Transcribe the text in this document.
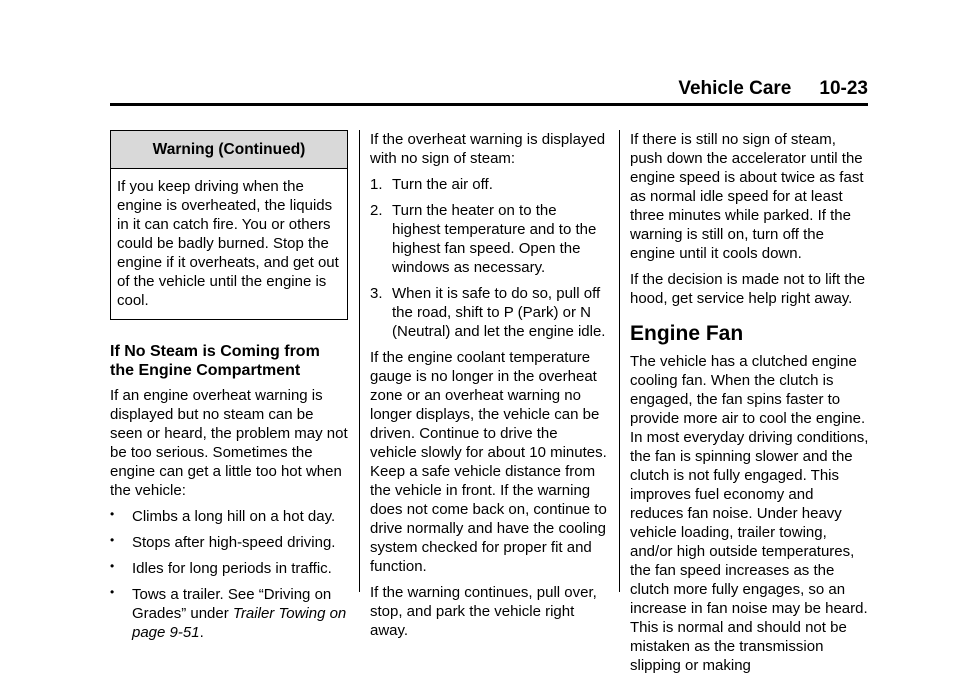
Vehicle Care 10-23
Warning (Continued)
If you keep driving when the engine is overheated, the liquids in it can catch fire. You or others could be badly burned. Stop the engine if it overheats, and get out of the vehicle until the engine is cool.
If No Steam is Coming from the Engine Compartment

If an engine overheat warning is displayed but no steam can be seen or heard, the problem may not be too serious. Sometimes the engine can get a little too hot when the vehicle:

• Climbs a long hill on a hot day.
• Stops after high-speed driving.
• Idles for long periods in traffic.
• Tows a trailer. See “Driving on Grades” under Trailer Towing on page 9-51.

If the overheat warning is displayed with no sign of steam:

1. Turn the air off.
2. Turn the heater on to the highest temperature and to the highest fan speed. Open the windows as necessary.
3. When it is safe to do so, pull off the road, shift to P (Park) or N (Neutral) and let the engine idle.

If the engine coolant temperature gauge is no longer in the overheat zone or an overheat warning no longer displays, the vehicle can be driven. Continue to drive the vehicle slowly for about 10 minutes. Keep a safe vehicle distance from the vehicle in front. If the warning does not come back on, continue to drive normally and have the cooling system checked for proper fit and function.

If the warning continues, pull over, stop, and park the vehicle right away.

If there is still no sign of steam, push down the accelerator until the engine speed is about twice as fast as normal idle speed for at least three minutes while parked. If the warning is still on, turn off the engine until it cools down.

If the decision is made not to lift the hood, get service help right away.

Engine Fan

The vehicle has a clutched engine cooling fan. When the clutch is engaged, the fan spins faster to provide more air to cool the engine. In most everyday driving conditions, the fan is spinning slower and the clutch is not fully engaged. This improves fuel economy and reduces fan noise. Under heavy vehicle loading, trailer towing, and/or high outside temperatures, the fan speed increases as the clutch more fully engages, so an increase in fan noise may be heard. This is normal and should not be mistaken as the transmission slipping or making
